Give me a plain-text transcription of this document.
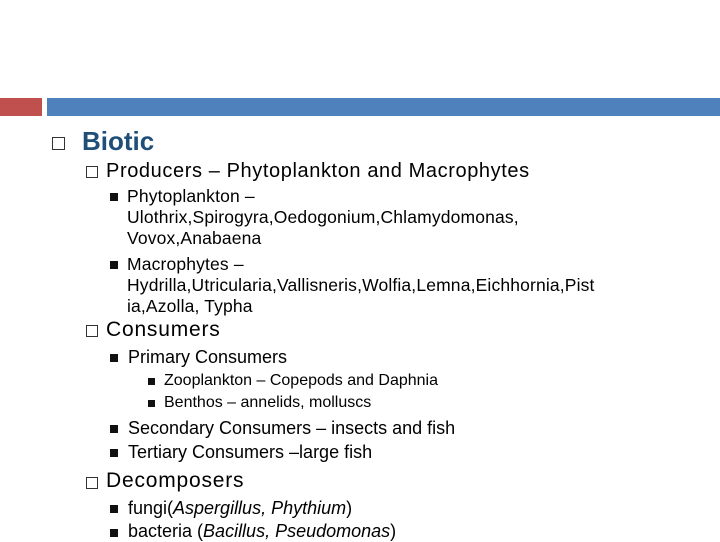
Biotic
Producers – Phytoplankton and Macrophytes
Phytoplankton –
Ulothrix,Spirogyra,Oedogonium,Chlamydomonas,
Vovox,Anabaena
Macrophytes –
Hydrilla,Utricularia,Vallisneris,Wolfia,Lemna,Eichhornia,Pist
ia,Azolla, Typha
Consumers
Primary Consumers
Zooplankton – Copepods and Daphnia
Benthos – annelids, molluscs
Secondary Consumers – insects and fish
Tertiary Consumers –large fish
Decomposers
fungi(Aspergillus, Phythium)
bacteria (Bacillus, Pseudomonas)
